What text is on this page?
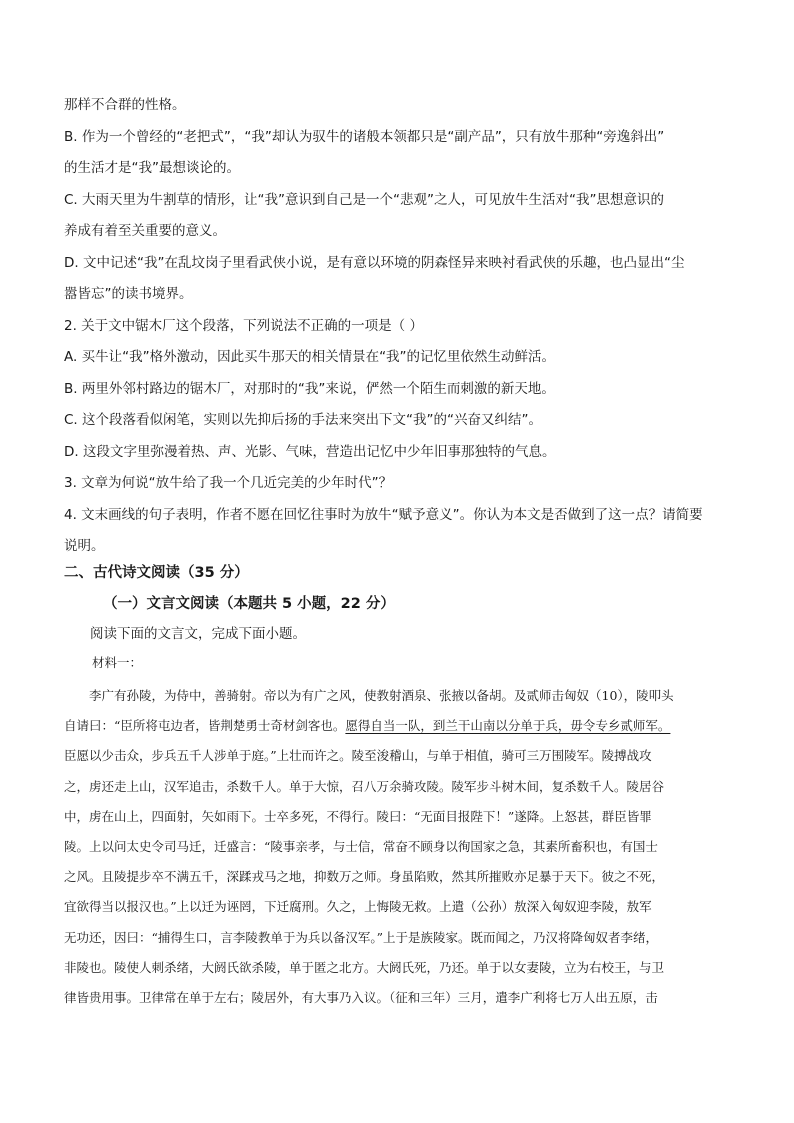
那样不合群的性格。

B. 作为一个曾经的“老把式”，“我”却认为驭牛的诸般本领都只是“副产品”，只有放牛那种“旁逸斜出”

的生活才是“我”最想谈论的。

C. 大雨天里为牛割草的情形，让“我”意识到自己是一个“悲观”之人，可见放牛生活对“我”思想意识的

养成有着至关重要的意义。

D. 文中记述“我”在乱坟岗子里看武侠小说，是有意以环境的阴森怪异来映衬看武侠的乐趣，也凸显出“尘

嚣皆忘”的读书境界。

2. 关于文中锯木厂这个段落，下列说法不正确的一项是（ ）

A. 买牛让“我”格外激动，因此买牛那天的相关情景在“我”的记忆里依然生动鲜活。

B. 两里外邻村路边的锯木厂，对那时的“我”来说，俨然一个陌生而刺激的新天地。

C. 这个段落看似闲笔，实则以先抑后扬的手法来突出下文“我”的“兴奋又纠结”。

D. 这段文字里弥漫着热、声、光影、气味，营造出记忆中少年旧事那独特的气息。

3. 文章为何说“放牛给了我一个几近完美的少年时代”？

4. 文末画线的句子表明，作者不愿在回忆往事时为放牛“赋予意义”。你认为本文是否做到了这一点？请简要

说明。

二、古代诗文阅读（35 分）
（一）文言文阅读（本题共 5 小题，22 分）
阅读下面的文言文，完成下面小题。
材料一：

　　李广有孙陵，为侍中，善骑射。帝以为有广之风，使教射酒泉、张掖以备胡。及贰师击匈奴（10），陵叩头

自请曰：“臣所将屯边者，皆荆楚勇士奇材剑客也。愿得自当一队，到兰干山南以分单于兵，毋令专乡贰师军。

臣愿以少击众，步兵五千人涉单于庭。”上壮而许之。陵至浚稽山，与单于相值，骑可三万围陵军。陵搏战攻

之，虏还走上山，汉军追击，杀数千人。单于大惊，召八万余骑攻陵。陵军步斗树木间，复杀数千人。陵居谷

中，虏在山上，四面射，矢如雨下。士卒多死，不得行。陵曰：“无面目报陛下！”遂降。上怒甚，群臣皆罪

陵。上以问太史令司马迁，迁盛言：“陵事亲孝，与士信，常奋不顾身以徇国家之急，其素所畜积也，有国士

之风。且陵提步卒不满五千，深蹂戎马之地，抑数万之师。身虽陷败，然其所摧败亦足暴于天下。彼之不死，

宜欲得当以报汉也。”上以迁为诬罔，下迁腐刑。久之，上悔陵无救。上遣（公孙）敖深入匈奴迎李陵，敖军

无功还，因曰：“捕得生口，言李陵教单于为兵以备汉军。”上于是族陵家。既而闻之，乃汉将降匈奴者李绪，

非陵也。陵使人刺杀绪，大阏氏欲杀陵，单于匿之北方。大阏氏死，乃还。单于以女妻陵，立为右校王，与卫

律皆贵用事。卫律常在单于左右；陵居外，有大事乃入议。（征和三年）三月，遣李广利将七万人出五原，击
